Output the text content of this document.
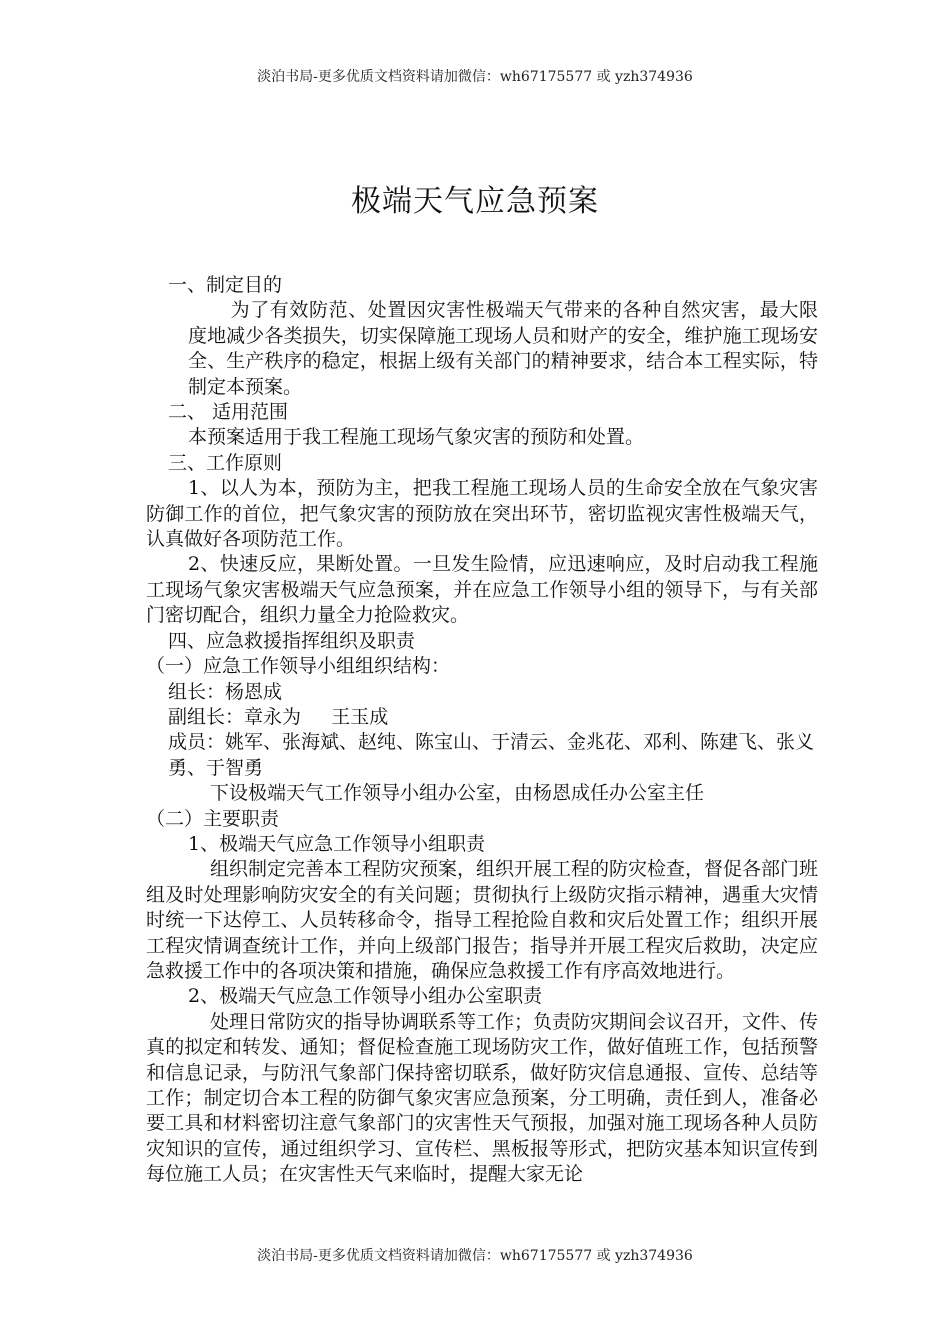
淡泊书局-更多优质文档资料请加微信：wh67175577 或 yzh374936
极端天气应急预案

一、制定目的

为了有效防范、处置因灾害性极端天气带来的各种自然灾害，最大限度地减少各类损失，切实保障施工现场人员和财产的安全，维护施工现场安全、生产秩序的稳定，根据上级有关部门的精神要求，结合本工程实际，特制定本预案。

二、 适用范围

本预案适用于我工程施工现场气象灾害的预防和处置。

三、工作原则

1、以人为本，预防为主，把我工程施工现场人员的生命安全放在气象灾害防御工作的首位，把气象灾害的预防放在突出环节，密切监视灾害性极端天气，认真做好各项防范工作。

2、快速反应，果断处置。一旦发生险情，应迅速响应，及时启动我工程施工现场气象灾害极端天气应急预案，并在应急工作领导小组的领导下，与有关部门密切配合，组织力量全力抢险救灾。

四、应急救援指挥组织及职责

（一）应急工作领导小组组织结构：

组长：杨恩成

副组长：章永为     王玉成

成员：姚军、张海斌、赵纯、陈宝山、于清云、金兆花、邓利、陈建飞、张义勇、于智勇

下设极端天气工作领导小组办公室，由杨恩成任办公室主任

（二）主要职责

1、极端天气应急工作领导小组职责

组织制定完善本工程防灾预案，组织开展工程的防灾检查，督促各部门班组及时处理影响防灾安全的有关问题；贯彻执行上级防灾指示精神，遇重大灾情时统一下达停工、人员转移命令，指导工程抢险自救和灾后处置工作；组织开展工程灾情调查统计工作，并向上级部门报告；指导并开展工程灾后救助，决定应急救援工作中的各项决策和措施，确保应急救援工作有序高效地进行。

2、极端天气应急工作领导小组办公室职责

处理日常防灾的指导协调联系等工作；负责防灾期间会议召开，文件、传真的拟定和转发、通知；督促检查施工现场防灾工作，做好值班工作，包括预警和信息记录，与防汛气象部门保持密切联系，做好防灾信息通报、宣传、总结等工作；制定切合本工程的防御气象灾害应急预案，分工明确，责任到人，准备必要工具和材料密切注意气象部门的灾害性天气预报，加强对施工现场各种人员防灾知识的宣传，通过组织学习、宣传栏、黑板报等形式，把防灾基本知识宣传到每位施工人员；在灾害性天气来临时，提醒大家无论

淡泊书局-更多优质文档资料请加微信：wh67175577 或 yzh374936
